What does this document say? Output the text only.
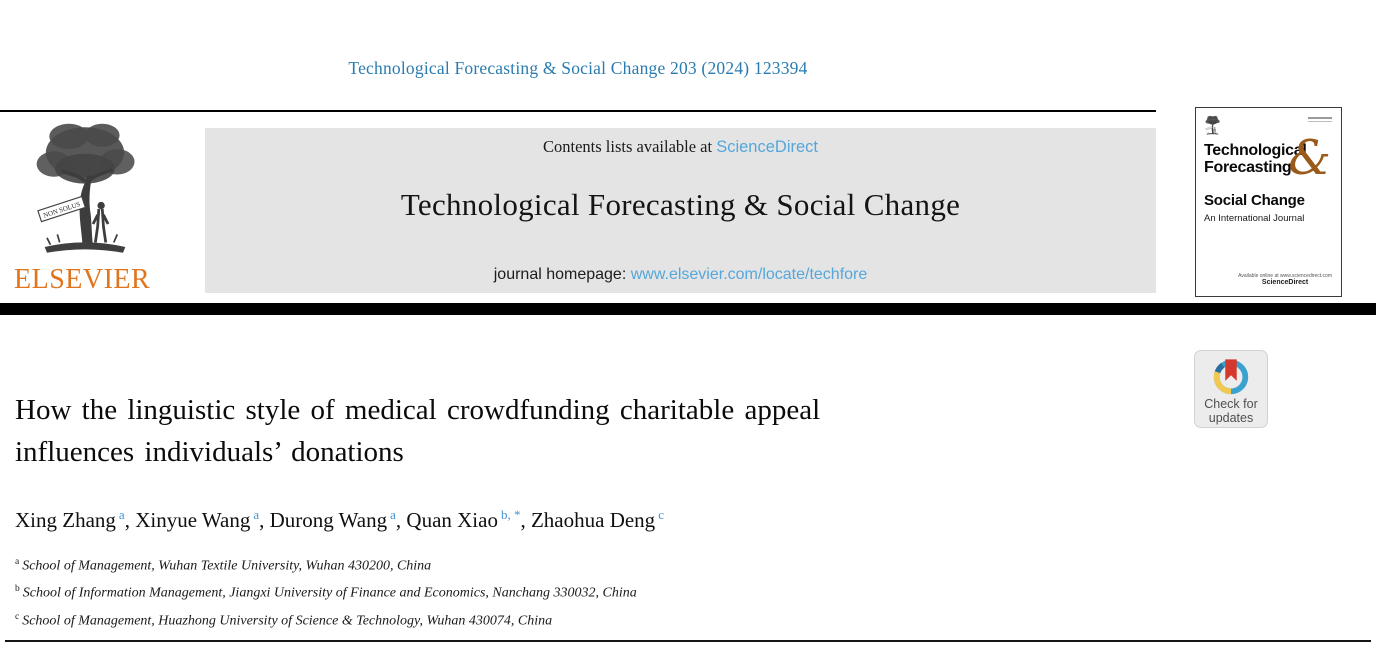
Technological Forecasting & Social Change 203 (2024) 123394
ELSEVIER
Contents lists available at ScienceDirect
Technological Forecasting & Social Change
journal homepage: www.elsevier.com/locate/techfore
Technological
Forecasting
&
Social Change
An International Journal
Available online at www.sciencedirect.com
ScienceDirect
Check for
updates
How the linguistic style of medical crowdfunding charitable appeal
influences individuals’ donations
Xing Zhang $^a$, Xinyue Wang $^a$, Durong Wang $^a$, Quan Xiao $^{b, *}$, Zhaohua Deng $^c$
$^a$ School of Management, Wuhan Textile University, Wuhan 430200, China
$^b$ School of Information Management, Jiangxi University of Finance and Economics, Nanchang 330032, China
$^c$ School of Management, Huazhong University of Science & Technology, Wuhan 430074, China
